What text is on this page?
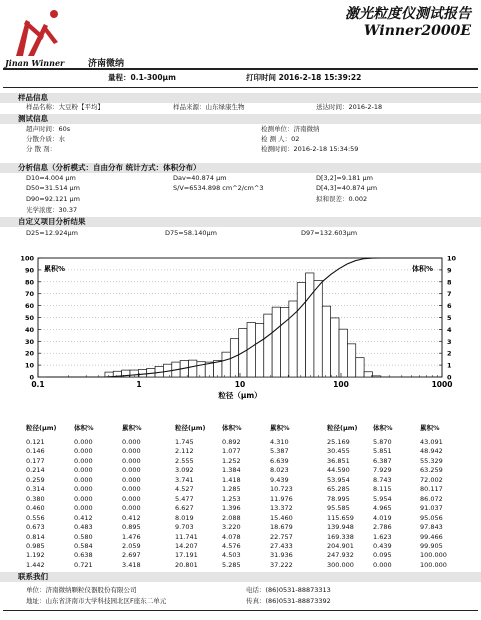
激光粒度仪测试报告
Winner2000E
Jinan Winner	济南微纳
量程：0.1-300μm	打印时间 2016-2-18 15:39:22
样品信息
样品名称：大豆粉【平均】	样品来源：山东绿康生物	送达时间：2016-2-18
测试信息
超声时间：60s
分散介质：水
分 散 剂：
检测单位：济南微纳
检 测 人：02
检测时间：2016-2-18 15:34:59
分析信息（分析模式：自由分布 统计方式：体积分布）
D10=4.004 μm	Dav=40.874 μm	D[3,2]=9.181 μm
D50=31.514 μm	S/V=6534.898 cm^2/cm^3	D[4,3]=40.874 μm
D90=92.121 μm	拟和误差：0.002
光学浓度：30.37
自定义项目分析结果
D25=12.924μm	D75=58.140μm	D97=132.603μm
0
10
20
30
40
50
60
70
80
90
100
0
1
2
3
4
5
6
7
8
9
10
0.1	1	10	100	1000
累积%	体积%
粒径（μm）
粒径(μm)	体积%	累积%	粒径(μm)	体积%	累积%	粒径(μm) 体积%	累积%
0.121	0.000	0.000	1.745	0.892	4.310	25.169	5.870	43.091
0.146	0.000	0.000	2.112	1.077	5.387	30.455	5.851	48.942
0.177	0.000	0.000	2.555	1.252	6.639	36.851	6.387	55.329
0.214	0.000	0.000	3.092	1.384	8.023	44.590	7.929	63.259
0.259	0.000	0.000	3.741	1.418	9.439	53.954	8.743	72.002
0.314	0.000	0.000	4.527	1.285	10.723	65.285	8.115	80.117
0.380	0.000	0.000	5.477	1.253	11.976	78.995	5.954	86.072
0.460	0.000	0.000	6.627	1.396	13.372	95.585	4.965	91.037
0.556	0.412	0.412	8.019	2.088	15.460	115.659	4.019	95.056
0.673	0.483	0.895	9.703	3.220	18.679	139.948	2.786	97.843
0.814	0.580	1.476	11.741	4.078	22.757	169.338	1.623	99.466
0.985	0.584	2.059	14.207	4.576	27.433	204.901	0.439	99.905
1.192	0.638	2.697	17.191	4.503	31.936	247.932	0.095	100.000
1.442	0.721	3.418	20.801	5.285	37.222	300.000	0.000	100.000
联系我们
单位：济南微纳颗粒仪器股份有限公司	电话：(86)0531-88873313
地址：山东省济南市大学科技园北区F座东二单元	传真：(86)0531-88873392
